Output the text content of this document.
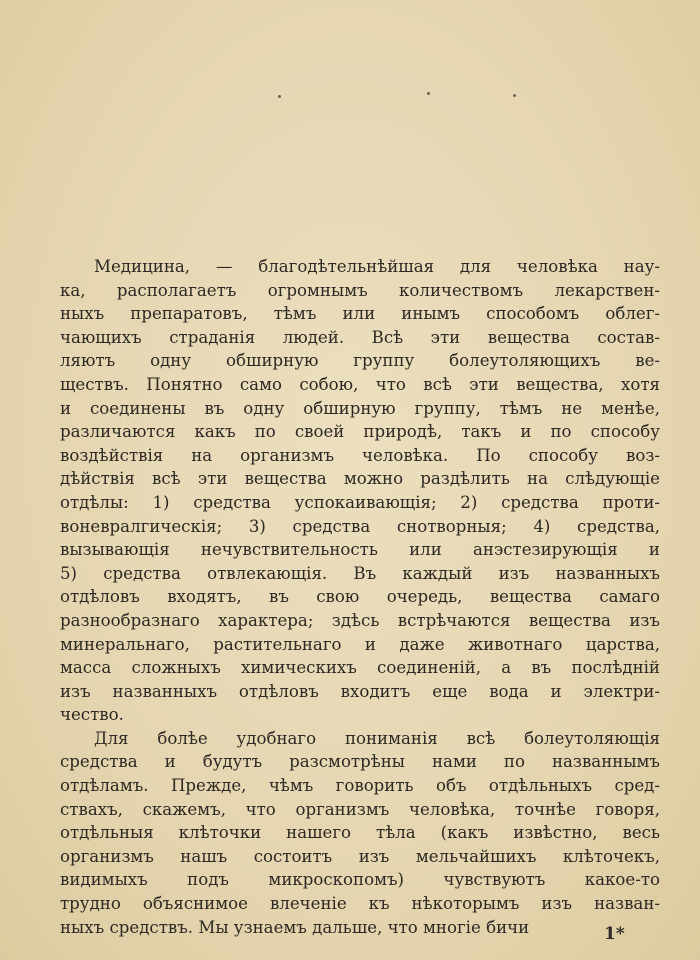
Медицина, — благодѣтельнѣйшая для человѣка нау-
ка, располагаетъ огромнымъ количествомъ лекарствен-
ныхъ препаратовъ, тѣмъ или инымъ способомъ облег-
чающихъ страданія людей. Всѣ эти вещества состав-
ляютъ одну обширную группу болеутоляющихъ ве-
ществъ. Понятно само собою, что всѣ эти вещества, хотя
и соединены въ одну обширную группу, тѣмъ не менѣе,
различаются какъ по своей природѣ, такъ и по способу
воздѣйствія на организмъ человѣка. По способу воз-
дѣйствія всѣ эти вещества можно раздѣлить на слѣдующіе
отдѣлы: 1) средства успокаивающія; 2) средства проти-
воневралгическія; 3) средства снотворныя; 4) средства,
вызывающія нечувствительность или анэстезирующія и
5) средства отвлекающія. Въ каждый изъ названныхъ
отдѣловъ входятъ, въ свою очередь, вещества самаго
разнообразнаго характера; здѣсь встрѣчаются вещества изъ
минеральнаго, растительнаго и даже животнаго царства,
масса сложныхъ химическихъ соединеній, а въ послѣдній
изъ названныхъ отдѣловъ входитъ еще вода и электри-
чество.
Для болѣе удобнаго пониманія всѣ болеутоляющія
средства и будутъ разсмотрѣны нами по названнымъ
отдѣламъ. Прежде, чѣмъ говорить объ отдѣльныхъ сред-
ствахъ, скажемъ, что организмъ человѣка, точнѣе говоря,
отдѣльныя клѣточки нашего тѣла (какъ извѣстно, весь
организмъ нашъ состоитъ изъ мельчайшихъ клѣточекъ,
видимыхъ подъ микроскопомъ) чувствуютъ какое-то
трудно объяснимое влеченіе къ нѣкоторымъ изъ назван-
ныхъ средствъ. Мы узнаемъ дальше, что многіе бичи	1*
